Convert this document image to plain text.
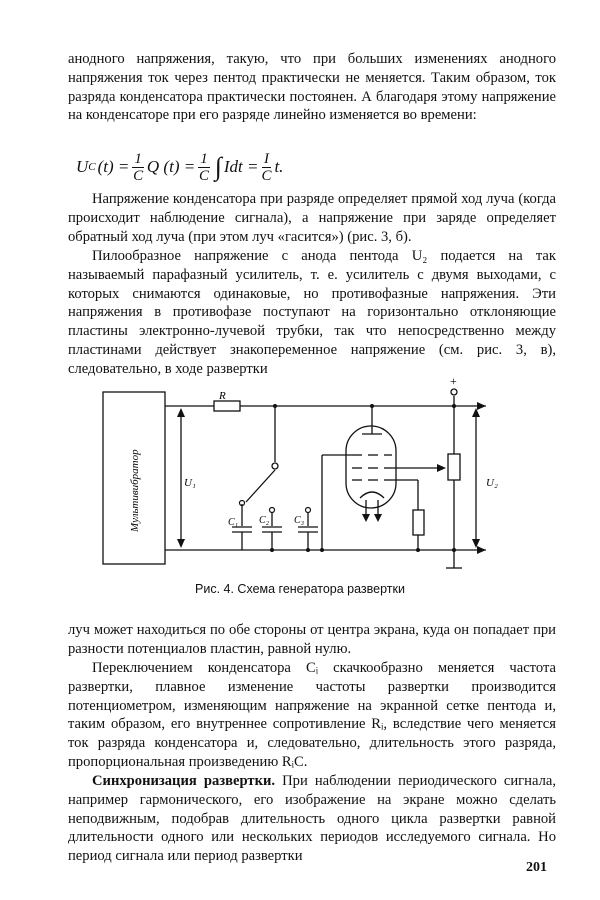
анодного напряжения, такую, что при больших изменениях анодного напряжения ток через пентод практически не меняется. Таким образом, ток разряда конденсатора практически постоянен. А благодаря этому напряжение на конденсаторе при его разряде линейно изменяется во времени:

U C $(t) = \frac{1}{C}$ Q $(t) = \frac{1}{C}$ ∫ Idt = $\frac{I}{C} t$.

Напряжение конденсатора при разряде определяет прямой ход луча (когда происходит наблюдение сигнала), а напряжение при заряде определяет обратный ход луча (при этом луч «гасится») (рис. 3, б).

Пилообразное напряжение с анода пентода U₂ подается на так называемый парафазный усилитель, т. е. усилитель с двумя выходами, с которых снимаются одинаковые, но противофазные напряжения. Эти напряжения в противофазе поступают на горизонтально отклоняющие пластины электронно-лучевой трубки, так что непосредственно между пластинами действует знакопеременное напряжение (см. рис. 3, в), следовательно, в ходе развертки

Мультивибратор
R
U₁	U₂
C₁ C₂ C₃
+
Рис. 4. Схема генератора развертки

луч может находиться по обе стороны от центра экрана, куда он попадает при разности потенциалов пластин, равной нулю.

Переключением конденсатора Cᵢ скачкообразно меняется частота развертки, плавное изменение частоты развертки производится потенциометром, изменяющим напряжение на экранной сетке пентода и, таким образом, его внутреннее сопротивление Rᵢ, вследствие чего меняется ток разряда конденсатора и, следовательно, длительность этого разряда, пропорциональная произведению RᵢC.

Синхронизация развертки. При наблюдении периодического сигнала, например гармонического, его изображение на экране можно сделать неподвижным, подобрав длительность одного цикла развертки равной длительности одного или нескольких периодов исследуемого сигнала. Но период сигнала или период развертки

201
